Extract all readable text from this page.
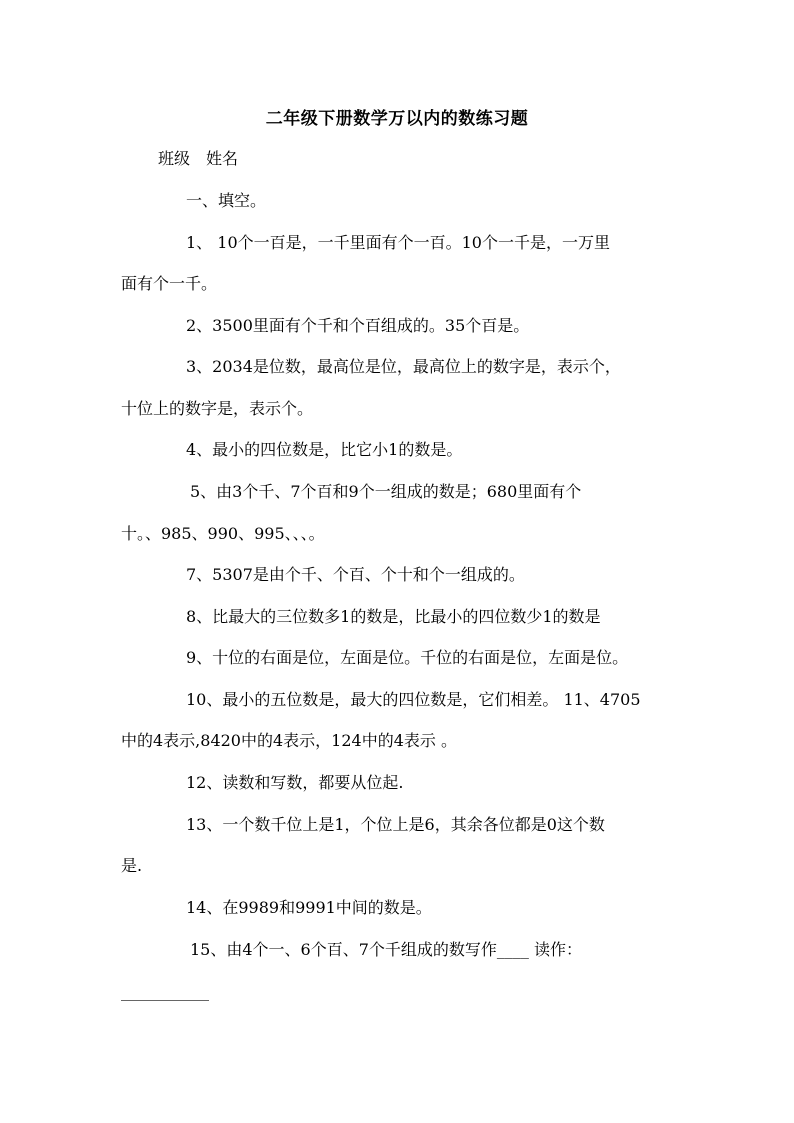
二年级下册数学万以内的数练习题
班级　姓名
一、填空。
1、 10个一百是，一千里面有个一百。10个一千是，一万里
面有个一千。
2、3500里面有个千和个百组成的。35个百是。
3、2034是位数，最高位是位，最高位上的数字是，表示个，
十位上的数字是，表示个。
4、最小的四位数是，比它小1的数是。
5、由3个千、7个百和9个一组成的数是；680里面有个
十。、985、990、995、、、。
7、5307是由个千、个百、个十和个一组成的。
8、比最大的三位数多1的数是，比最小的四位数少1的数是
9、十位的右面是位，左面是位。千位的右面是位，左面是位。
10、最小的五位数是，最大的四位数是，它们相差。 11、4705
中的4表示,8420中的4表示，124中的4表示 。
12、读数和写数，都要从位起.
13、一个数千位上是1，个位上是6，其余各位都是0这个数
是.
14、在9989和9991中间的数是。
15、由4个一、6个百、7个千组成的数写作____ 读作：
___________
